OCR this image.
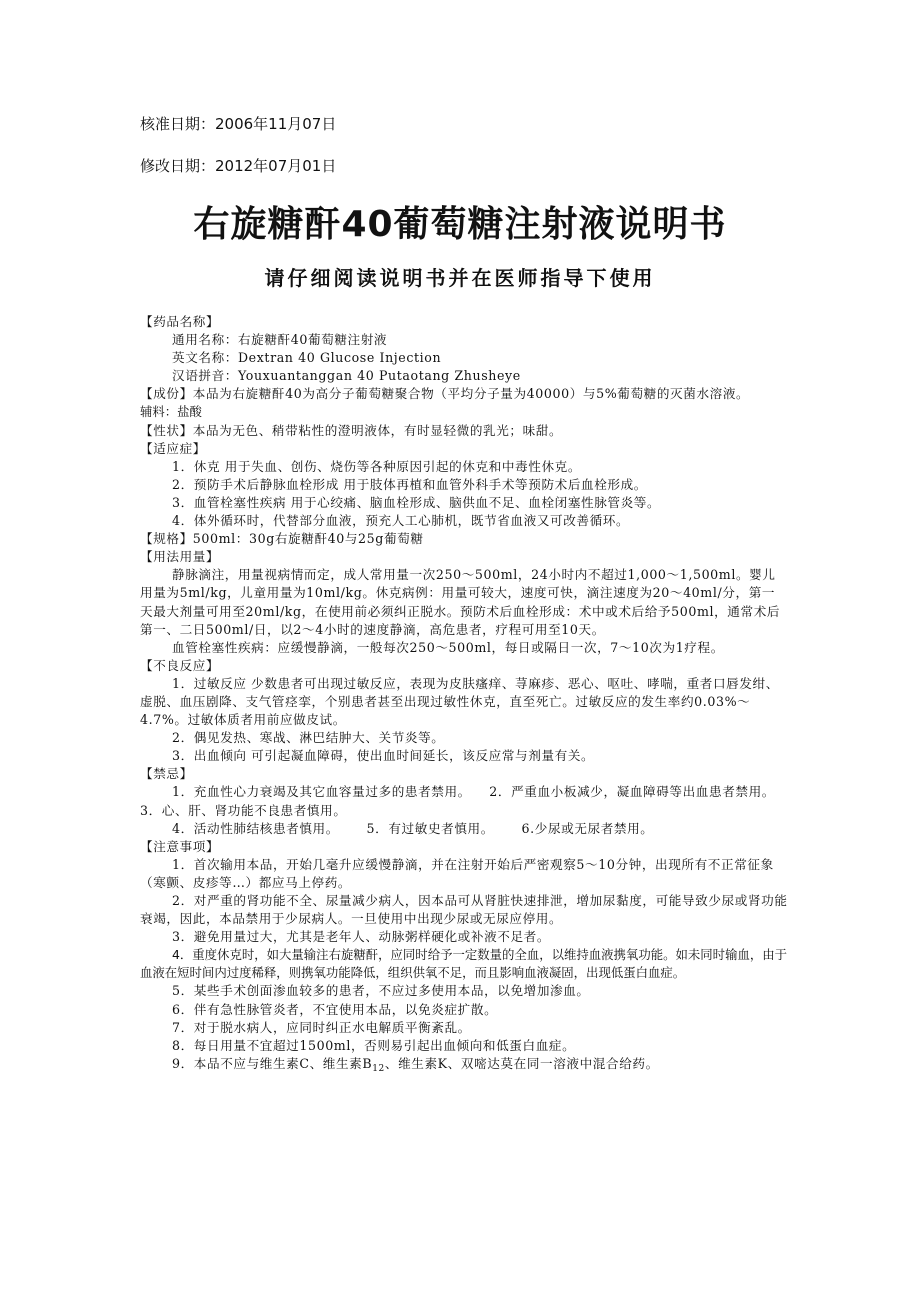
核准日期：2006年11月07日
修改日期：2012年07月01日
右旋糖酐40葡萄糖注射液说明书
请仔细阅读说明书并在医师指导下使用

【药品名称】

通用名称：右旋糖酐40葡萄糖注射液

英文名称：Dextran 40 Glucose Injection

汉语拼音：Youxuantanggan 40 Putaotang Zhusheye

【成份】本品为右旋糖酐40为高分子葡萄糖聚合物（平均分子量为40000）与5%葡萄糖的灭菌水溶液。

辅料：盐酸

【性状】本品为无色、稍带粘性的澄明液体，有时显轻微的乳光；味甜。

【适应症】

1．休克 用于失血、创伤、烧伤等各种原因引起的休克和中毒性休克。

2．预防手术后静脉血栓形成 用于肢体再植和血管外科手术等预防术后血栓形成。

3．血管栓塞性疾病 用于心绞痛、脑血栓形成、脑供血不足、血栓闭塞性脉管炎等。

4．体外循环时，代替部分血液，预充人工心肺机，既节省血液又可改善循环。

【规格】500ml：30g右旋糖酐40与25g葡萄糖

【用法用量】

静脉滴注，用量视病情而定，成人常用量一次250～500ml，24小时内不超过1,000～1,500ml。婴儿用量为5ml/kg，儿童用量为10ml/kg。休克病例：用量可较大，速度可快，滴注速度为20～40ml/分，第一天最大剂量可用至20ml/kg，在使用前必须纠正脱水。预防术后血栓形成：术中或术后给予500ml，通常术后第一、二日500ml/日，以2～4小时的速度静滴，高危患者，疗程可用至10天。

血管栓塞性疾病：应缓慢静滴，一般每次250～500ml，每日或隔日一次，7～10次为1疗程。

【不良反应】

1．过敏反应 少数患者可出现过敏反应，表现为皮肤瘙痒、荨麻疹、恶心、呕吐、哮喘，重者口唇发绀、虚脱、血压剧降、支气管痉挛，个别患者甚至出现过敏性休克，直至死亡。过敏反应的发生率约0.03%～4.7%。过敏体质者用前应做皮试。

2．偶见发热、寒战、淋巴结肿大、关节炎等。

3．出血倾向 可引起凝血障碍，使出血时间延长，该反应常与剂量有关。

【禁忌】

1．充血性心力衰竭及其它血容量过多的患者禁用。    2．严重血小板减少，凝血障碍等出血患者禁用。   3．心、肝、肾功能不良患者慎用。

4．活动性肺结核患者慎用。      5．有过敏史者慎用。      6.少尿或无尿者禁用。

【注意事项】

1．首次输用本品，开始几毫升应缓慢静滴，并在注射开始后严密观察5～10分钟，出现所有不正常征象（寒颤、皮疹等…）都应马上停药。

2．对严重的肾功能不全、尿量减少病人，因本品可从肾脏快速排泄，增加尿黏度，可能导致少尿或肾功能衰竭，因此，本品禁用于少尿病人。一旦使用中出现少尿或无尿应停用。

3．避免用量过大，尤其是老年人、动脉粥样硬化或补液不足者。

4．重度休克时，如大量输注右旋糖酐，应同时给予一定数量的全血，以维持血液携氧功能。如未同时输血，由于血液在短时间内过度稀释，则携氧功能降低，组织供氧不足，而且影响血液凝固，出现低蛋白血症。

5．某些手术创面渗血较多的患者，不应过多使用本品，以免增加渗血。

6．伴有急性脉管炎者，不宜使用本品，以免炎症扩散。

7．对于脱水病人，应同时纠正水电解质平衡紊乱。

8．每日用量不宜超过1500ml，否则易引起出血倾向和低蛋白血症。

9．本品不应与维生素C、维生素$B_{12}$、维生素K、双嘧达莫在同一溶液中混合给药。
